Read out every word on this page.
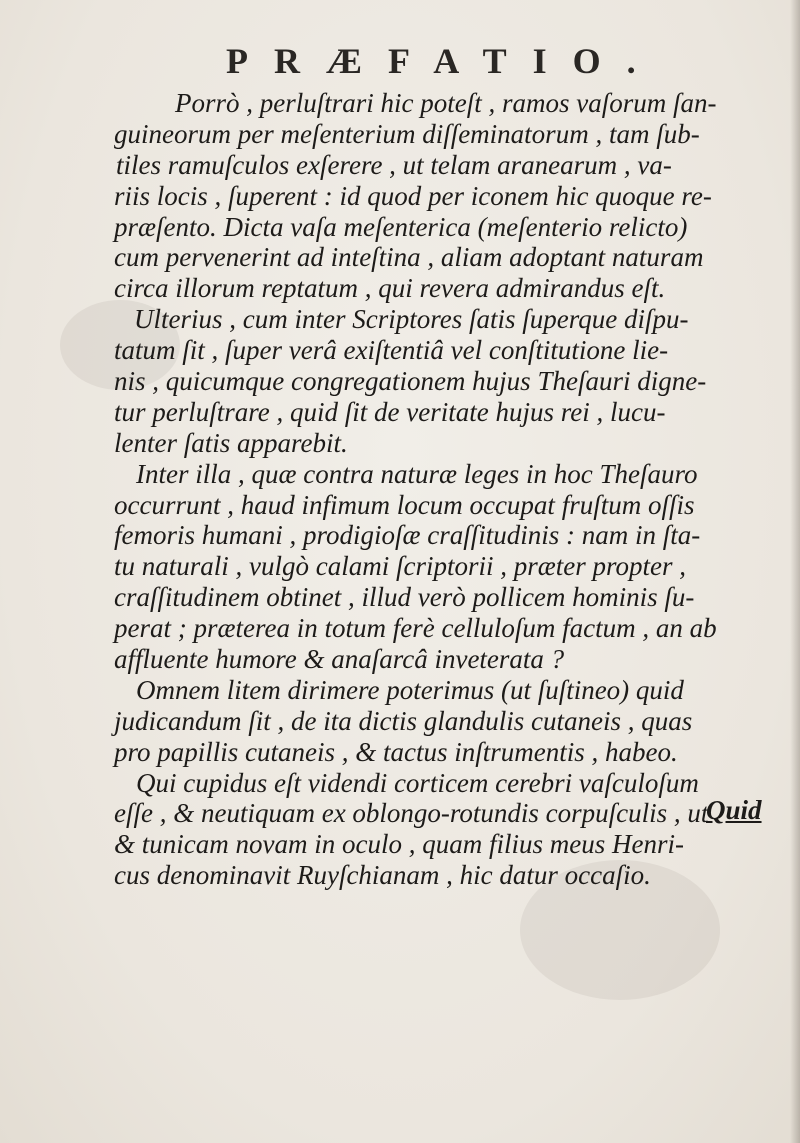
PRÆFATIO.
Porrò , perluſtrari hic poteſt , ramos vaſorum ſan-
guineorum per meſenterium diſſeminatorum , tam ſub-
tiles ramuſculos exſerere , ut telam aranearum , va-
riis locis , ſuperent : id quod per iconem hic quoque re-
præſento. Dicta vaſa meſenterica (meſenterio relicto)
cum pervenerint ad inteſtina , aliam adoptant naturam
circa illorum reptatum , qui revera admirandus eſt.
Ulterius , cum inter Scriptores ſatis ſuperque diſpu-
tatum ſit , ſuper verâ exiſtentiâ vel conſtitutione lie-
nis , quicumque congregationem hujus Theſauri digne-
tur perluſtrare , quid ſit de veritate hujus rei , lucu-
lenter ſatis apparebit.
Inter illa , quæ contra naturæ leges in hoc Theſauro
occurrunt , haud infimum locum occupat fruſtum oſſis
femoris humani , prodigioſæ craſſitudinis : nam in ſta-
tu naturali , vulgò calami ſcriptorii , præter propter ,
craſſitudinem obtinet , illud verò pollicem hominis ſu-
perat ; præterea in totum ferè celluloſum factum , an ab
affluente humore & anaſarcâ inveterata ?
Omnem litem dirimere poterimus (ut ſuſtineo) quid
judicandum ſit , de ita dictis glandulis cutaneis , quas
pro papillis cutaneis , & tactus inſtrumentis , habeo.
Qui cupidus eſt videndi corticem cerebri vaſculoſum
eſſe , & neutiquam ex oblongo-rotundis corpuſculis , ut
& tunicam novam in oculo , quam filius meus Henri-
cus denominavit Ruyſchianam , hic datur occaſio.
Quid
